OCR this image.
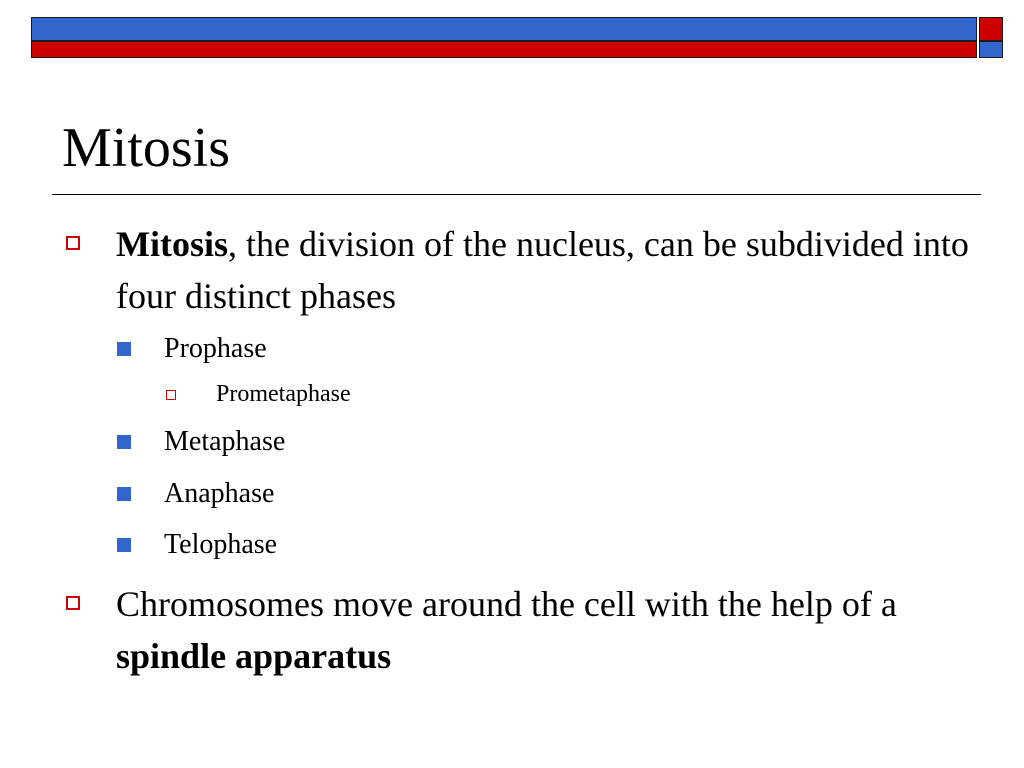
Mitosis
Mitosis, the division of the nucleus, can be subdivided into four distinct phases
Prophase
Prometaphase
Metaphase
Anaphase
Telophase
Chromosomes move around the cell with the help of a spindle apparatus
